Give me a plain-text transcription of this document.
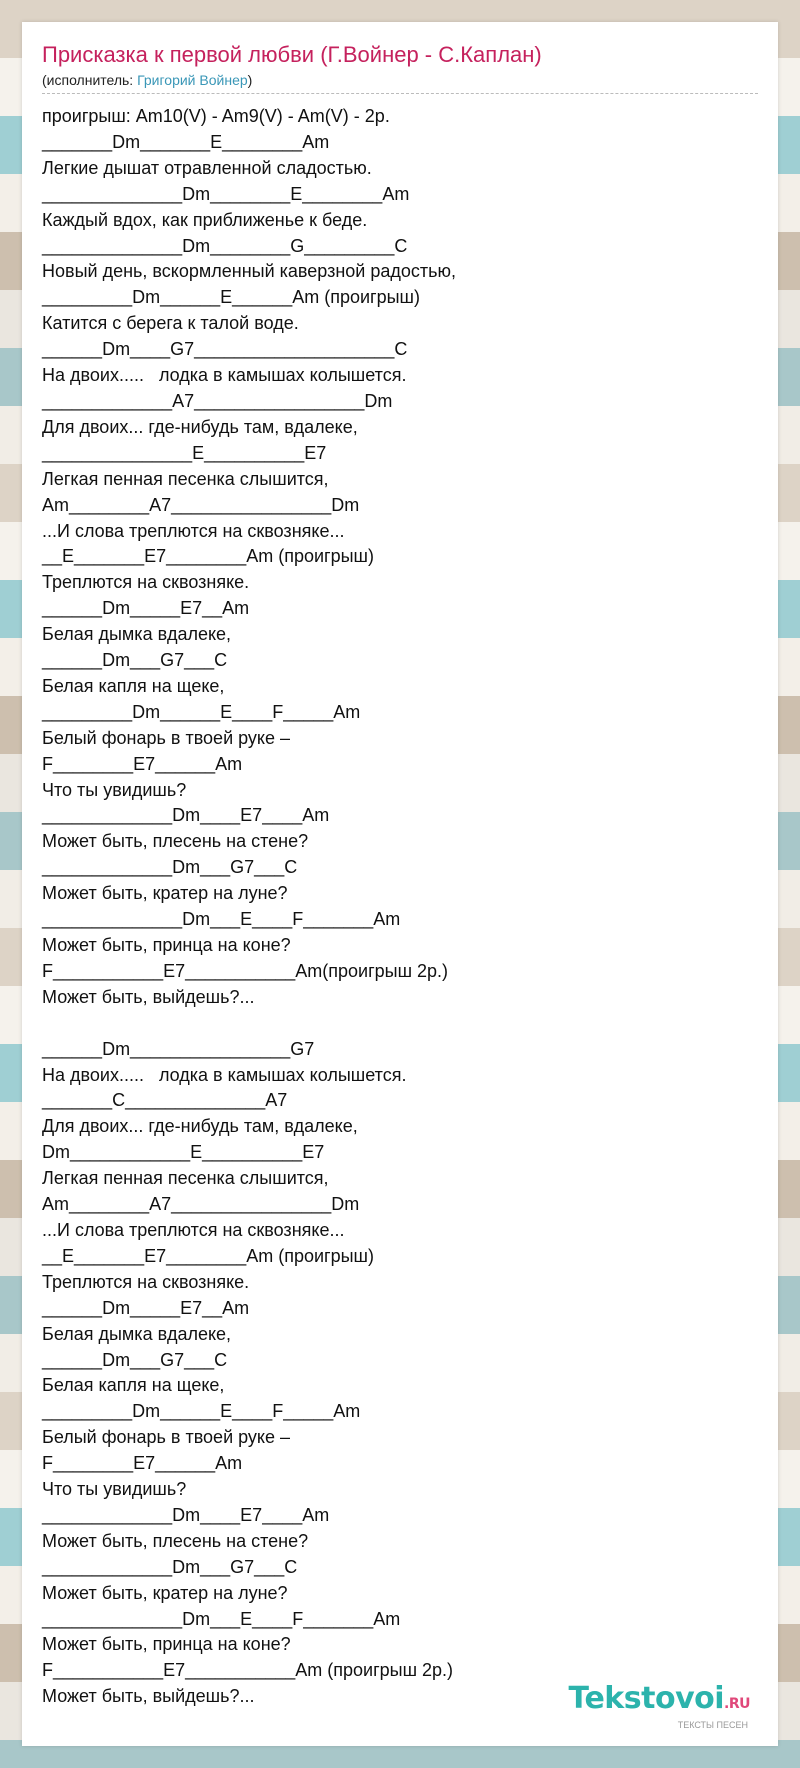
Присказка к первой любви (Г.Войнер - С.Каплан)
(исполнитель: Григорий Войнер)
проигрыш: Am10(V) - Am9(V) - Am(V) - 2р.
_______Dm_______E________Am
Легкие дышат отравленной сладостью.
______________Dm________E________Am
Каждый вдох, как приближенье к беде.
______________Dm________G_________C
Новый день, вскормленный каверзной радостью,
_________Dm______E______Am (проигрыш)
Катится с берега к талой воде.
______Dm____G7____________________C
На двоих.....   лодка в камышах колышется.
_____________A7_________________Dm
Для двоих... где-нибудь там, вдалеке,
_______________E__________E7
Легкая пенная песенка слышится,
Am________A7________________Dm
...И слова треплются на сквозняке...
__E_______E7________Am (проигрыш)
Треплются на сквозняке.
______Dm_____E7__Am
Белая дымка вдалеке,
______Dm___G7___C
Белая капля на щеке,
_________Dm______E____F_____Am
Белый фонарь в твоей руке –
F________E7______Am
Что ты увидишь?
_____________Dm____E7____Am
Может быть, плесень на стене?
_____________Dm___G7___C
Может быть, кратер на луне?
______________Dm___E____F_______Am
Может быть, принца на коне?
F___________E7___________Am(проигрыш 2р.)
Может быть, выйдешь?...

______Dm________________G7
На двоих.....   лодка в камышах колышется.
_______C______________A7
Для двоих... где-нибудь там, вдалеке,
Dm____________E__________E7
Легкая пенная песенка слышится,
Am________A7________________Dm
...И слова треплются на сквозняке...
__E_______E7________Am (проигрыш)
Треплются на сквозняке.
______Dm_____E7__Am
Белая дымка вдалеке,
______Dm___G7___C
Белая капля на щеке,
_________Dm______E____F_____Am
Белый фонарь в твоей руке –
F________E7______Am
Что ты увидишь?
_____________Dm____E7____Am
Может быть, плесень на стене?
_____________Dm___G7___C
Может быть, кратер на луне?
______________Dm___E____F_______Am
Может быть, принца на коне?
F___________E7___________Am (проигрыш 2р.)
Может быть, выйдешь?...	Tekstovoi.RU
ТЕКСТЫ ПЕСЕН
